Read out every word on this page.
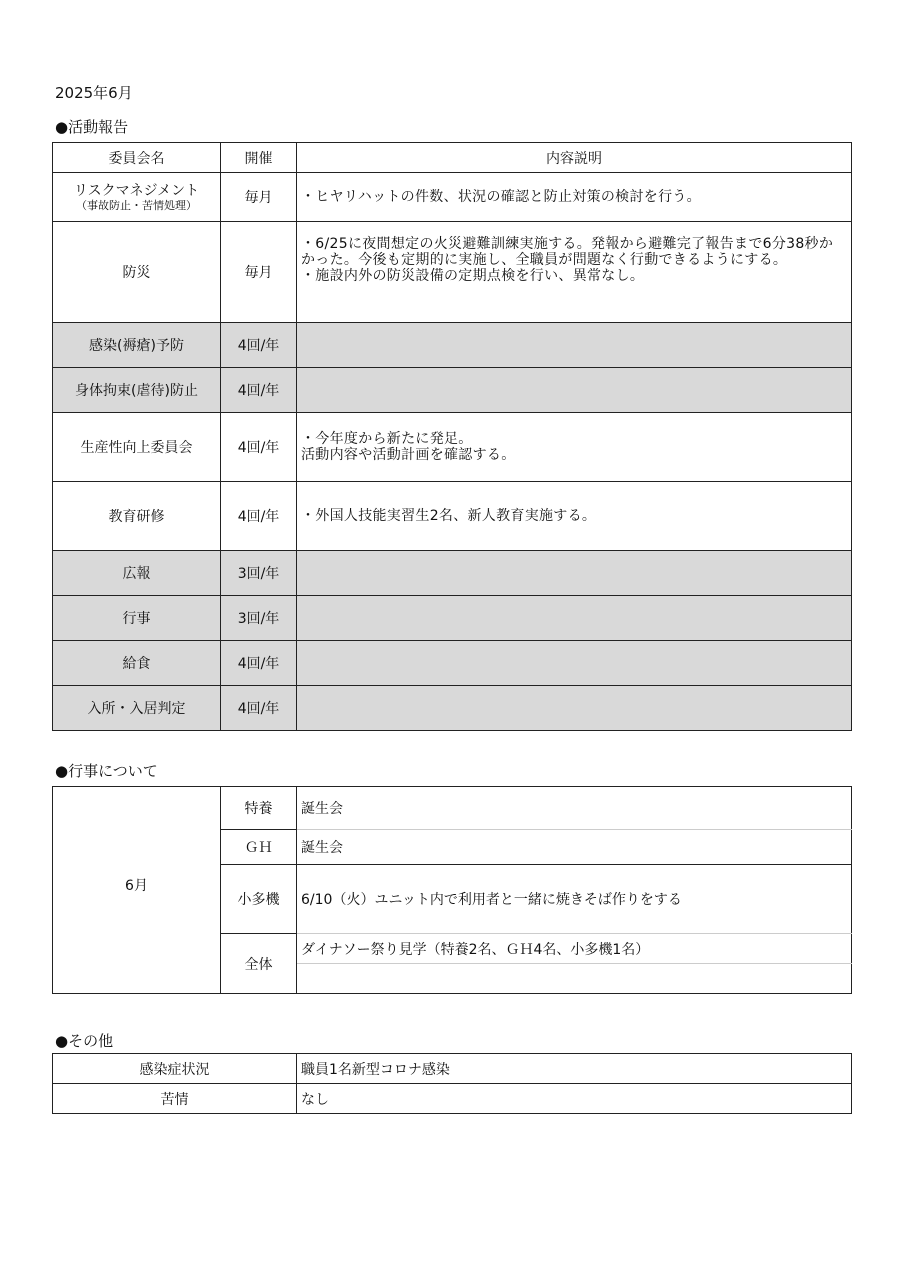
2025年6月
●活動報告
委員会名	開催	内容説明

リスクマネジメント
（事故防止・苦情処理）	毎月	・ヒヤリハットの件数、状況の確認と防止対策の検討を行う。
防災	毎月	・6/25に夜間想定の火災避難訓練実施する。発報から避難完了報告まで6分38秒かかった。今後も定期的に実施し、全職員が問題なく行動できるようにする。
・施設内外の防災設備の定期点検を行い、異常なし。
感染(褥瘡)予防	4回/年	
身体拘束(虐待)防止	4回/年	
生産性向上委員会	4回/年	・今年度から新たに発足。
活動内容や活動計画を確認する。
教育研修	4回/年	・外国人技能実習生2名、新人教育実施する。
広報	3回/年	
行事	3回/年	
給食	4回/年	
入所・入居判定	4回/年	
●行事について
6月	特養	誕生会
	ＧＨ	誕生会
	小多機	6/10（火）ユニット内で利用者と一緒に焼きそば作りをする
	全体	ダイナソー祭り見学（特養2名、ＧＨ4名、小多機1名）

●その他
感染症状況	職員1名新型コロナ感染
苦情	なし
